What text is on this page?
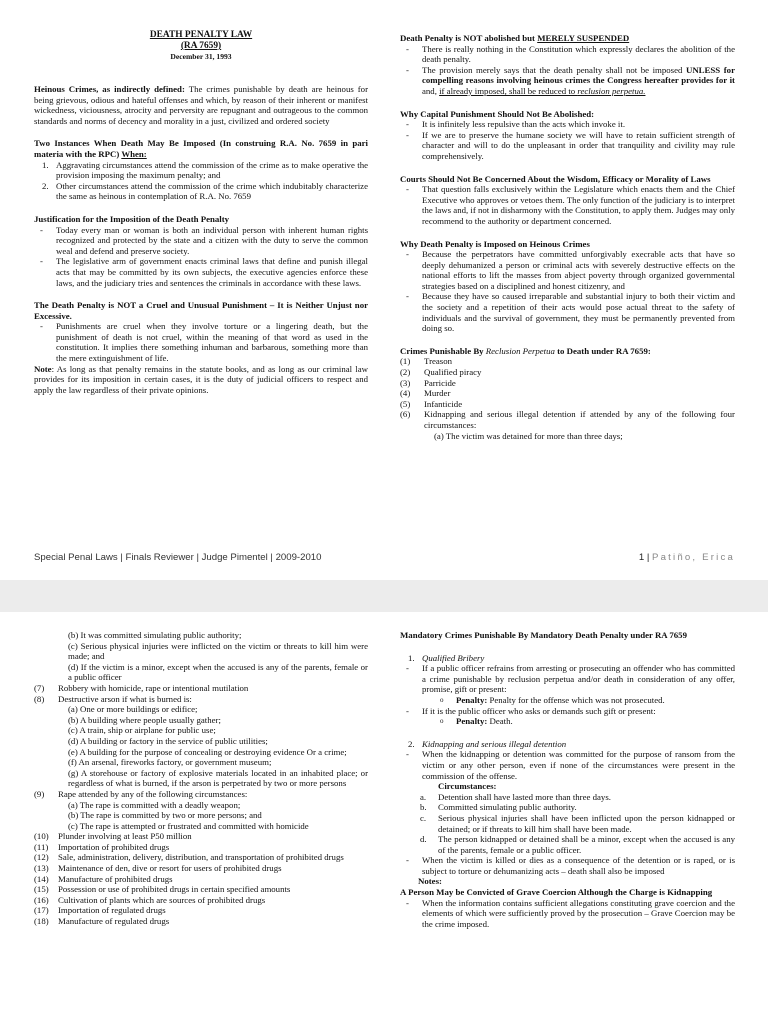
DEATH PENALTY LAW
(RA 7659)
December 31, 1993

Heinous Crimes, as indirectly defined: The crimes punishable by death are heinous for being grievous, odious and hateful offenses and which, by reason of their inherent or manifest wickedness, viciousness, atrocity and perversity are repugnant and outrageous to the common standards and norms of decency and morality in a just, civilized and ordered society

Two Instances When Death May Be Imposed (In construing R.A. No. 7659 in pari materia with the RPC) When:

1. Aggravating circumstances attend the commission of the crime as to make operative the provision imposing the maximum penalty; and
2. Other circumstances attend the commission of the crime which indubitably characterize the same as heinous in contemplation of R.A. No. 7659

Justification for the Imposition of the Death Penalty

- Today every man or woman is both an individual person with inherent human rights recognized and protected by the state and a citizen with the duty to serve the common weal and defend and preserve society.
- The legislative arm of government enacts criminal laws that define and punish illegal acts that may be committed by its own subjects, the executive agencies enforce these laws, and the judiciary tries and sentences the criminals in accordance with these laws.

The Death Penalty is NOT a Cruel and Unusual Punishment – It is Neither Unjust nor Excessive.

- Punishments are cruel when they involve torture or a lingering death, but the punishment of death is not cruel, within the meaning of that word as used in the constitution. It implies there something inhuman and barbarous, something more than the mere extinguishment of life.

Note: As long as that penalty remains in the statute books, and as long as our criminal law provides for its imposition in certain cases, it is the duty of judicial officers to respect and apply the law regardless of their private opinions.

Death Penalty is NOT abolished but MERELY SUSPENDED

- There is really nothing in the Constitution which expressly declares the abolition of the death penalty.
- The provision merely says that the death penalty shall not be imposed UNLESS for compelling reasons involving heinous crimes the Congress hereafter provides for it and, if already imposed, shall be reduced to reclusion perpetua.

Why Capital Punishment Should Not Be Abolished:

- It is infinitely less repulsive than the acts which invoke it.
- If we are to preserve the humane society we will have to retain sufficient strength of character and will to do the unpleasant in order that tranquility and civility may rule comprehensively.

Courts Should Not Be Concerned About the Wisdom, Efficacy or Morality of Laws

- That question falls exclusively within the Legislature which enacts them and the Chief Executive who approves or vetoes them. The only function of the judiciary is to interpret the laws and, if not in disharmony with the Constitution, to apply them. Judges may only recommend to the authority or department concerned.

Why Death Penalty is Imposed on Heinous Crimes

- Because the perpetrators have committed unforgivably execrable acts that have so deeply dehumanized a person or criminal acts with severely destructive effects on the national efforts to lift the masses from abject poverty through organized governmental strategies based on a disciplined and honest citizenry, and
- Because they have so caused irreparable and substantial injury to both their victim and the society and a repetition of their acts would pose actual threat to the safety of individuals and the survival of government, they must be permanently prevented from doing so.

Crimes Punishable By Reclusion Perpetua to Death under RA 7659:

(1) Treason
(2) Qualified piracy
(3) Parricide
(4) Murder
(5) Infanticide
(6) Kidnapping and serious illegal detention if attended by any of the following four circumstances:
(a) The victim was detained for more than three days;
Special Penal Laws | Finals Reviewer | Judge Pimentel | 2009-2010	1 | Patiño, Erica
(b) It was committed simulating public authority;
(c) Serious physical injuries were inflicted on the victim or threats to kill him were made; and
(d) If the victim is a minor, except when the accused is any of the parents, female or a public officer
(7) Robbery with homicide, rape or intentional mutilation
(8) Destructive arson if what is burned is:
(a) One or more buildings or edifice;
(b) A building where people usually gather;
(c) A train, ship or airplane for public use;
(d) A building or factory in the service of public utilities;
(e) A building for the purpose of concealing or destroying evidence Or a crime;
(f) An arsenal, fireworks factory, or government museum;
(g) A storehouse or factory of explosive materials located in an inhabited place; or regardless of what is burned, if the arson is perpetrated by two or more persons
(9) Rape attended by any of the following circumstances:
(a) The rape is committed with a deadly weapon;
(b) The rape is committed by two or more persons; and
(c) The rape is attempted or frustrated and committed with homicide
(10) Plunder involving at least P50 million
(11) Importation of prohibited drugs
(12) Sale, administration, delivery, distribution, and transportation of prohibited drugs
(13) Maintenance of den, dive or resort for users of prohibited drugs
(14) Manufacture of prohibited drugs
(15) Possession or use of prohibited drugs in certain specified amounts
(16) Cultivation of plants which are sources of prohibited drugs
(17) Importation of regulated drugs
(18) Manufacture of regulated drugs

Mandatory Crimes Punishable By Mandatory Death Penalty under RA 7659

1. Qualified Bribery
- If a public officer refrains from arresting or prosecuting an offender who has committed a crime punishable by reclusion perpetua and/or death in consideration of any offer, promise, gift or present:
o Penalty: Penalty for the offense which was not prosecuted.
- If it is the public officer who asks or demands such gift or present:
o Penalty: Death.
2. Kidnapping and serious illegal detention
- When the kidnapping or detention was committed for the purpose of ransom from the victim or any other person, even if none of the circumstances were present in the commission of the offense.
Circumstances:
a. Detention shall have lasted more than three days.
b. Committed simulating public authority.
c. Serious physical injuries shall have been inflicted upon the person kidnapped or detained; or if threats to kill him shall have been made.
d. The person kidnapped or detained shall be a minor, except when the accused is any of the parents, female or a public officer.
- When the victim is killed or dies as a consequence of the detention or is raped, or is subject to torture or dehumanizing acts – death shall also be imposed
Notes:

A Person May be Convicted of Grave Coercion Although the Charge is Kidnapping

- When the information contains sufficient allegations constituting grave coercion and the elements of which were sufficiently proved by the prosecution – Grave Coercion may be the crime imposed.
